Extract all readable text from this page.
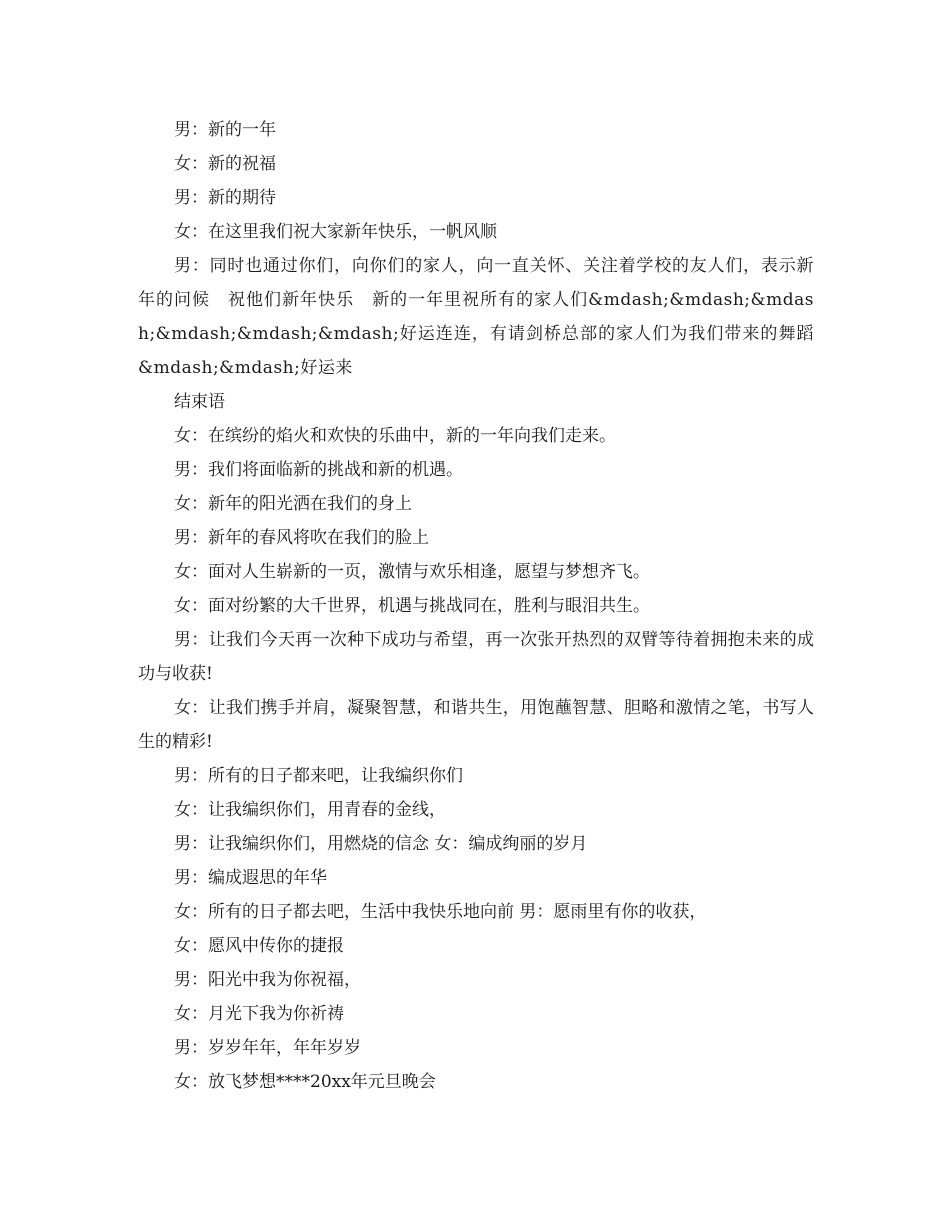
男：新的一年

女：新的祝福

男：新的期待

女：在这里我们祝大家新年快乐，一帆风顺

男：同时也通过你们，向你们的家人，向一直关怀、关注着学校的友人们，表示新年的问候　祝他们新年快乐　新的一年里祝所有的家人们&mdash;&mdash;&mdash;&mdash;&mdash;&mdash;好运连连，有请剑桥总部的家人们为我们带来的舞蹈&mdash;&mdash;好运来

结束语

女：在缤纷的焰火和欢快的乐曲中，新的一年向我们走来。

男：我们将面临新的挑战和新的机遇。

女：新年的阳光洒在我们的身上

男：新年的春风将吹在我们的脸上

女：面对人生崭新的一页，激情与欢乐相逢，愿望与梦想齐飞。

女：面对纷繁的大千世界，机遇与挑战同在，胜利与眼泪共生。

男：让我们今天再一次种下成功与希望，再一次张开热烈的双臂等待着拥抱未来的成功与收获!

女：让我们携手并肩，凝聚智慧，和谐共生，用饱蘸智慧、胆略和激情之笔，书写人生的精彩!

男：所有的日子都来吧，让我编织你们

女：让我编织你们，用青春的金线，

男：让我编织你们，用燃烧的信念 女：编成绚丽的岁月

男：编成遐思的年华

女：所有的日子都去吧，生活中我快乐地向前 男：愿雨里有你的收获，

女：愿风中传你的捷报

男：阳光中我为你祝福，

女：月光下我为你祈祷

男：岁岁年年，年年岁岁

女：放飞梦想****20xx年元旦晚会
